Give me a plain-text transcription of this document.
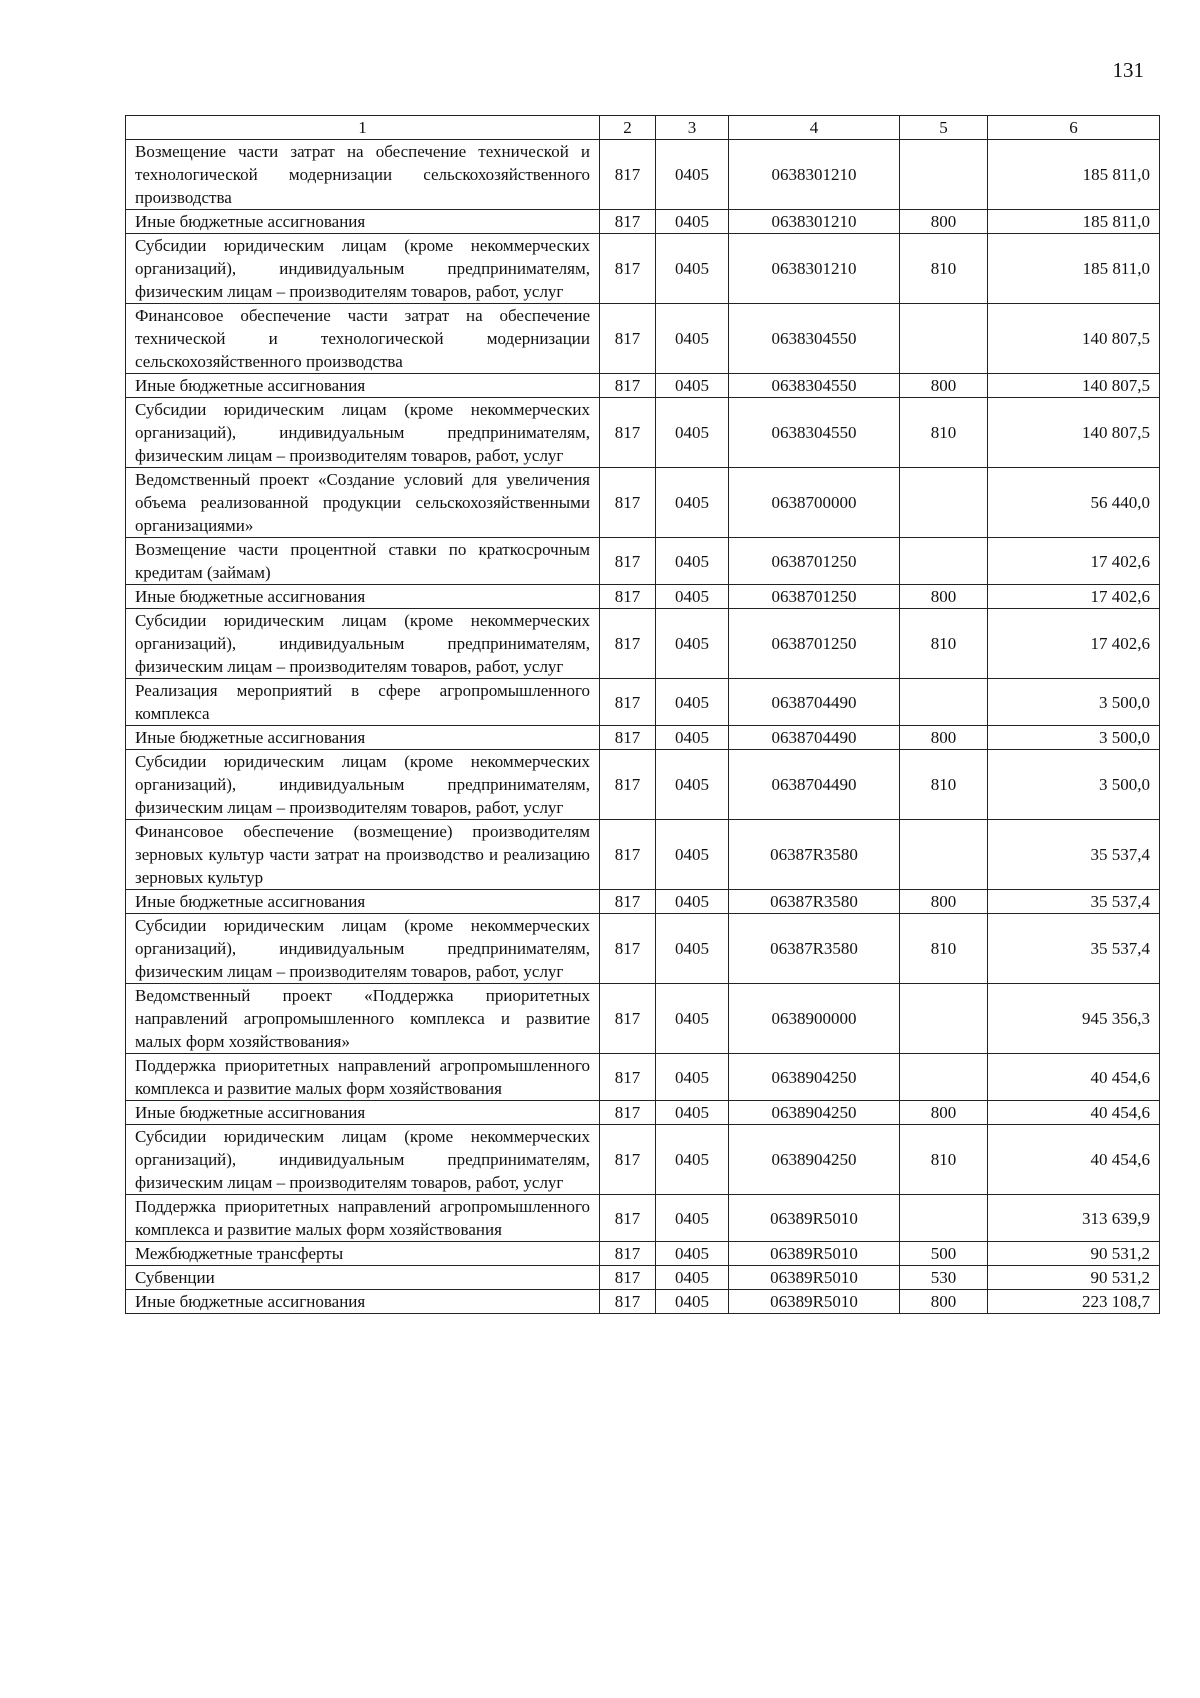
131
1	2	3	4	5	6
Возмещение части затрат на обеспечение технической и технологической модернизации сельскохозяйственного производства	817	0405	0638301210		185 811,0
Иные бюджетные ассигнования	817	0405	0638301210	800	185 811,0
Субсидии юридическим лицам (кроме некоммерческих организаций), индивидуальным предпринимателям, физическим лицам – производителям товаров, работ, услуг	817	0405	0638301210	810	185 811,0
Финансовое обеспечение части затрат на обеспечение технической и технологической модернизации сельскохозяйственного производства	817	0405	0638304550		140 807,5
Иные бюджетные ассигнования	817	0405	0638304550	800	140 807,5
Субсидии юридическим лицам (кроме некоммерческих организаций), индивидуальным предпринимателям, физическим лицам – производителям товаров, работ, услуг	817	0405	0638304550	810	140 807,5
Ведомственный проект «Создание условий для увеличения объема реализованной продукции сельскохозяйственными организациями»	817	0405	0638700000		56 440,0
Возмещение части процентной ставки по краткосрочным кредитам (займам)	817	0405	0638701250		17 402,6
Иные бюджетные ассигнования	817	0405	0638701250	800	17 402,6
Субсидии юридическим лицам (кроме некоммерческих организаций), индивидуальным предпринимателям, физическим лицам – производителям товаров, работ, услуг	817	0405	0638701250	810	17 402,6
Реализация мероприятий в сфере агропромышленного комплекса	817	0405	0638704490		3 500,0
Иные бюджетные ассигнования	817	0405	0638704490	800	3 500,0
Субсидии юридическим лицам (кроме некоммерческих организаций), индивидуальным предпринимателям, физическим лицам – производителям товаров, работ, услуг	817	0405	0638704490	810	3 500,0
Финансовое обеспечение (возмещение) производителям зерновых культур части затрат на производство и реализацию зерновых культур	817	0405	06387R3580		35 537,4
Иные бюджетные ассигнования	817	0405	06387R3580	800	35 537,4
Субсидии юридическим лицам (кроме некоммерческих организаций), индивидуальным предпринимателям, физическим лицам – производителям товаров, работ, услуг	817	0405	06387R3580	810	35 537,4
Ведомственный проект «Поддержка приоритетных направлений агропромышленного комплекса и развитие малых форм хозяйствования»	817	0405	0638900000		945 356,3
Поддержка приоритетных направлений агропромышленного комплекса и развитие малых форм хозяйствования	817	0405	0638904250		40 454,6
Иные бюджетные ассигнования	817	0405	0638904250	800	40 454,6
Субсидии юридическим лицам (кроме некоммерческих организаций), индивидуальным предпринимателям, физическим лицам – производителям товаров, работ, услуг	817	0405	0638904250	810	40 454,6
Поддержка приоритетных направлений агропромышленного комплекса и развитие малых форм хозяйствования	817	0405	06389R5010		313 639,9
Межбюджетные трансферты	817	0405	06389R5010	500	90 531,2
Субвенции	817	0405	06389R5010	530	90 531,2
Иные бюджетные ассигнования	817	0405	06389R5010	800	223 108,7
